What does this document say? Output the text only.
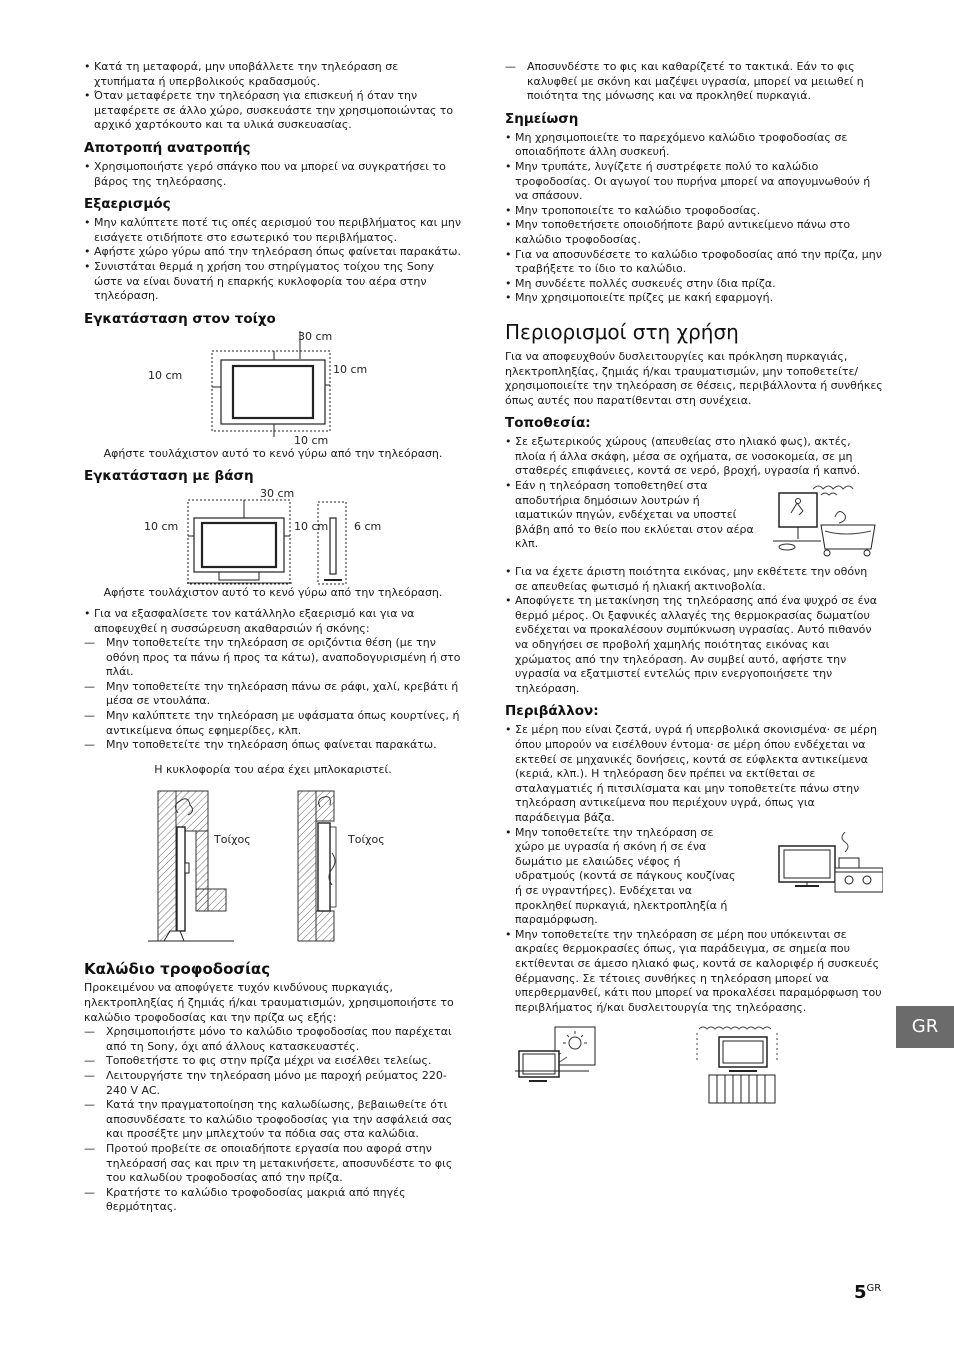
• Κατά τη μεταφορά, μην υποβάλλετε την τηλεόραση σε χτυπήματα ή υπερβολικούς κραδασμούς.
• Όταν μεταφέρετε την τηλεόραση για επισκευή ή όταν την μεταφέρετε σε άλλο χώρο, συσκευάστε την χρησιμοποιώντας το αρχικό χαρτόκουτο και τα υλικά συσκευασίας.
Αποτροπή ανατροπής
• Χρησιμοποιήστε γερό σπάγκο που να μπορεί να συγκρατήσει το βάρος της τηλεόρασης.
Εξαερισμός
• Μην καλύπτετε ποτέ τις οπές αερισμού του περιβλήματος και μην εισάγετε οτιδήποτε στο εσωτερικό του περιβλήματος.
• Αφήστε χώρο γύρω από την τηλεόραση όπως φαίνεται παρακάτω.
• Συνιστάται θερμά η χρήση του στηρίγματος τοίχου της Sony ώστε να είναι δυνατή η επαρκής κυκλοφορία του αέρα στην τηλεόραση.
Εγκατάσταση στον τοίχο
30 cm
10 cm	10 cm
10 cm

Αφήστε τουλάχιστον αυτό το κενό γύρω από την τηλεόραση.

Εγκατάσταση με βάση
30 cm
10 cm	10 cm 6 cm

Αφήστε τουλάχιστον αυτό το κενό γύρω από την τηλεόραση.

• Για να εξασφαλίσετε τον κατάλληλο εξαερισμό και για να αποφευχθεί η συσσώρευση ακαθαρσιών ή σκόνης:
— Μην τοποθετείτε την τηλεόραση σε οριζόντια θέση (με την οθόνη προς τα πάνω ή προς τα κάτω), αναποδογυρισμένη ή στο πλάι.
— Μην τοποθετείτε την τηλεόραση πάνω σε ράφι, χαλί, κρεβάτι ή μέσα σε ντουλάπα.
— Μην καλύπτετε την τηλεόραση με υφάσματα όπως κουρτίνες, ή αντικείμενα όπως εφημερίδες, κλπ.
— Μην τοποθετείτε την τηλεόραση όπως φαίνεται παρακάτω.

Η κυκλοφορία του αέρα έχει μπλοκαριστεί.

Τοίχος	Τοίχος
Καλώδιο τροφοδοσίας

Προκειμένου να αποφύγετε τυχόν κινδύνους πυρκαγιάς, ηλεκτροπληξίας ή ζημιάς ή/και τραυματισμών, χρησιμοποιήστε το καλώδιο τροφοδοσίας και την πρίζα ως εξής:

— Χρησιμοποιήστε μόνο το καλώδιο τροφοδοσίας που παρέχεται από τη Sony, όχι από άλλους κατασκευαστές.
— Τοποθετήστε το φις στην πρίζα μέχρι να εισέλθει τελείως.
— Λειτουργήστε την τηλεόραση μόνο με παροχή ρεύματος 220-240 V AC.
— Κατά την πραγματοποίηση της καλωδίωσης, βεβαιωθείτε ότι αποσυνδέσατε το καλώδιο τροφοδοσίας για την ασφάλειά σας και προσέξτε μην μπλεχτούν τα πόδια σας στα καλώδια.
— Προτού προβείτε σε οποιαδήποτε εργασία που αφορά στην τηλεόρασή σας και πριν τη μετακινήσετε, αποσυνδέστε το φις του καλωδίου τροφοδοσίας από την πρίζα.
— Κρατήστε το καλώδιο τροφοδοσίας μακριά από πηγές θερμότητας.
— Αποσυνδέστε το φις και καθαρίζετέ το τακτικά. Εάν το φις καλυφθεί με σκόνη και μαζέψει υγρασία, μπορεί να μειωθεί η ποιότητα της μόνωσης και να προκληθεί πυρκαγιά.
Σημείωση
• Μη χρησιμοποιείτε το παρεχόμενο καλώδιο τροφοδοσίας σε οποιαδήποτε άλλη συσκευή.
• Μην τρυπάτε, λυγίζετε ή συστρέφετε πολύ το καλώδιο τροφοδοσίας. Οι αγωγοί του πυρήνα μπορεί να απογυμνωθούν ή να σπάσουν.
• Μην τροποποιείτε το καλώδιο τροφοδοσίας.
• Μην τοποθετήσετε οποιοδήποτε βαρύ αντικείμενο πάνω στο καλώδιο τροφοδοσίας.
• Για να αποσυνδέσετε το καλώδιο τροφοδοσίας από την πρίζα, μην τραβήξετε το ίδιο το καλώδιο.
• Μη συνδέετε πολλές συσκευές στην ίδια πρίζα.
• Μην χρησιμοποιείτε πρίζες με κακή εφαρμογή.
Περιορισμοί στη χρήση

Για να αποφευχθούν δυσλειτουργίες και πρόκληση πυρκαγιάς, ηλεκτροπληξίας, ζημιάς ή/και τραυματισμών, μην τοποθετείτε/χρησιμοποιείτε την τηλεόραση σε θέσεις, περιβάλλοντα ή συνθήκες όπως αυτές που παρατίθενται στη συνέχεια.

Τοποθεσία:
• Σε εξωτερικούς χώρους (απευθείας στο ηλιακό φως), ακτές, πλοία ή άλλα σκάφη, μέσα σε οχήματα, σε νοσοκομεία, σε μη σταθερές επιφάνειες, κοντά σε νερό, βροχή, υγρασία ή καπνό.
• Εάν η τηλεόραση τοποθετηθεί στα αποδυτήρια δημόσιων λουτρών ή ιαματικών πηγών, ενδέχεται να υποστεί βλάβη από το θείο που εκλύεται στον αέρα κλπ.
• Για να έχετε άριστη ποιότητα εικόνας, μην εκθέτετε την οθόνη σε απευθείας φωτισμό ή ηλιακή ακτινοβολία.
• Αποφύγετε τη μετακίνηση της τηλεόρασης από ένα ψυχρό σε ένα θερμό μέρος. Οι ξαφνικές αλλαγές της θερμοκρασίας δωματίου ενδέχεται να προκαλέσουν συμπύκνωση υγρασίας. Αυτό πιθανόν να οδηγήσει σε προβολή χαμηλής ποιότητας εικόνας και χρώματος από την τηλεόραση. Αν συμβεί αυτό, αφήστε την υγρασία να εξατμιστεί εντελώς πριν ενεργοποιήσετε την τηλεόραση.
Περιβάλλον:
• Σε μέρη που είναι ζεστά, υγρά ή υπερβολικά σκονισμένα· σε μέρη όπου μπορούν να εισέλθουν έντομα· σε μέρη όπου ενδέχεται να εκτεθεί σε μηχανικές δονήσεις, κοντά σε εύφλεκτα αντικείμενα (κεριά, κλπ.). Η τηλεόραση δεν πρέπει να εκτίθεται σε σταλαγματιές ή πιτσιλίσματα και μην τοποθετείτε πάνω στην τηλεόραση αντικείμενα που περιέχουν υγρά, όπως για παράδειγμα βάζα.
• Μην τοποθετείτε την τηλεόραση σε χώρο με υγρασία ή σκόνη ή σε ένα δωμάτιο με ελαιώδες νέφος ή υδρατμούς (κοντά σε πάγκους κουζίνας ή σε υγραντήρες). Ενδέχεται να προκληθεί πυρκαγιά, ηλεκτροπληξία ή παραμόρφωση.
• Μην τοποθετείτε την τηλεόραση σε μέρη που υπόκεινται σε ακραίες θερμοκρασίες όπως, για παράδειγμα, σε σημεία που εκτίθενται σε άμεσο ηλιακό φως, κοντά σε καλοριφέρ ή συσκευές θέρμανσης. Σε τέτοιες συνθήκες η τηλεόραση μπορεί να υπερθερμανθεί, κάτι που μπορεί να προκαλέσει παραμόρφωση του περιβλήματος ή/και δυσλειτουργία της τηλεόρασης.
GR
$5^{GR}$
